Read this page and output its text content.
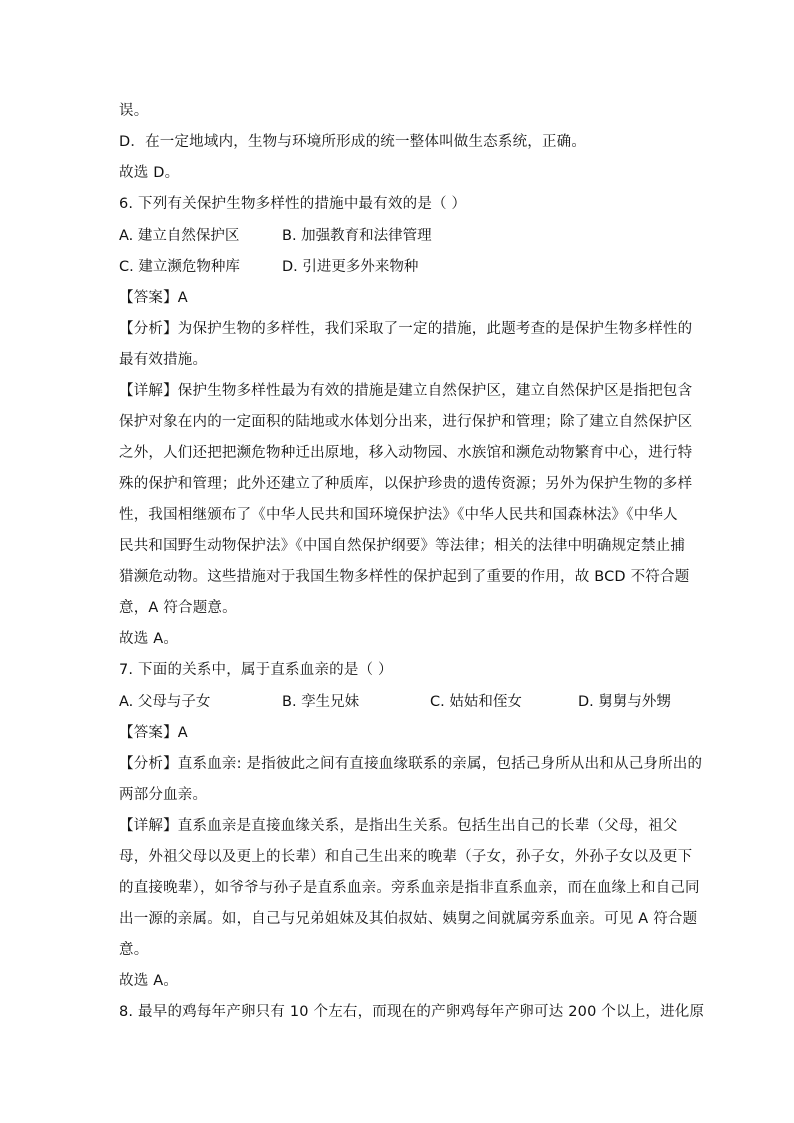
误。
D．在一定地域内，生物与环境所形成的统一整体叫做生态系统，正确。
故选 D。
6. 下列有关保护生物多样性的措施中最有效的是（ ）
A. 建立自然保护区	B. 加强教育和法律管理
C. 建立濒危物种库	D. 引进更多外来物种
【答案】A
【分析】为保护生物的多样性，我们采取了一定的措施，此题考查的是保护生物多样性的
最有效措施。
【详解】保护生物多样性最为有效的措施是建立自然保护区，建立自然保护区是指把包含
保护对象在内的一定面积的陆地或水体划分出来，进行保护和管理；除了建立自然保护区
之外，人们还把把濒危物种迁出原地，移入动物园、水族馆和濒危动物繁育中心，进行特
殊的保护和管理；此外还建立了种质库，以保护珍贵的遗传资源；另外为保护生物的多样
性，我国相继颁布了《中华人民共和国环境保护法》《中华人民共和国森林法》《中华人
民共和国野生动物保护法》《中国自然保护纲要》等法律；相关的法律中明确规定禁止捕
猎濒危动物。这些措施对于我国生物多样性的保护起到了重要的作用，故 BCD 不符合题
意，A 符合题意。
故选 A。
7. 下面的关系中，属于直系血亲的是（ ）
A. 父母与子女	B. 孪生兄妹	C. 姑姑和侄女	D. 舅舅与外甥
【答案】A
【分析】直系血亲: 是指彼此之间有直接血缘联系的亲属，包括己身所从出和从己身所出的
两部分血亲。
【详解】直系血亲是直接血缘关系，是指出生关系。包括生出自己的长辈（父母，祖父
母，外祖父母以及更上的长辈）和自己生出来的晚辈（子女，孙子女，外孙子女以及更下
的直接晚辈），如爷爷与孙子是直系血亲。旁系血亲是指非直系血亲，而在血缘上和自己同
出一源的亲属。如，自己与兄弟姐妹及其伯叔姑、姨舅之间就属旁系血亲。可见 A 符合题
意。
故选 A。
8. 最早的鸡每年产卵只有 10 个左右，而现在的产卵鸡每年产卵可达 200 个以上，进化原
